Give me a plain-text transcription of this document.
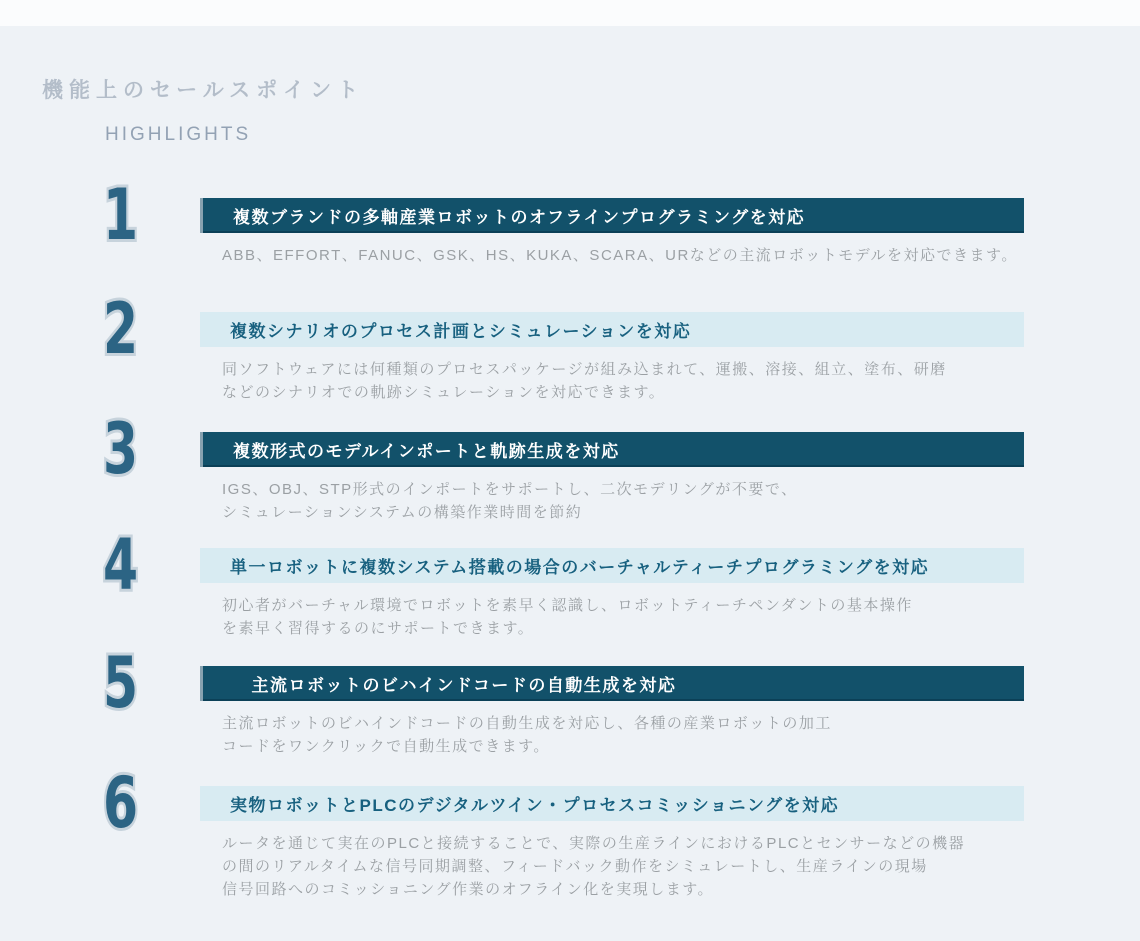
機能上のセールスポイント
HIGHLIGHTS
1	複数ブランドの多軸産業ロボットのオフラインプログラミングを対応
ABB、EFFORT、FANUC、GSK、HS、KUKA、SCARA、URなどの主流ロボットモデルを対応できます。
2	複数シナリオのプロセス計画とシミュレーションを対応
同ソフトウェアには何種類のプロセスパッケージが組み込まれて、運搬、溶接、組立、塗布、研磨
などのシナリオでの軌跡シミュレーションを対応できます。
3	複数形式のモデルインポートと軌跡生成を対応
IGS、OBJ、STP形式のインポートをサポートし、二次モデリングが不要で、
シミュレーションシステムの構築作業時間を節約
4	単一ロボットに複数システム搭載の場合のバーチャルティーチプログラミングを対応
初心者がバーチャル環境でロボットを素早く認識し、ロボットティーチペンダントの基本操作
を素早く習得するのにサポートできます。
5	　主流ロボットのビハインドコードの自動生成を対応
主流ロボットのビハインドコードの自動生成を対応し、各種の産業ロボットの加工
コードをワンクリックで自動生成できます。
6	実物ロボットとPLCのデジタルツイン・プロセスコミッショニングを対応
ルータを通じて実在のPLCと接続することで、実際の生産ラインにおけるPLCとセンサーなどの機器
の間のリアルタイムな信号同期調整、フィードバック動作をシミュレートし、生産ラインの現場
信号回路へのコミッショニング作業のオフライン化を実現します。
